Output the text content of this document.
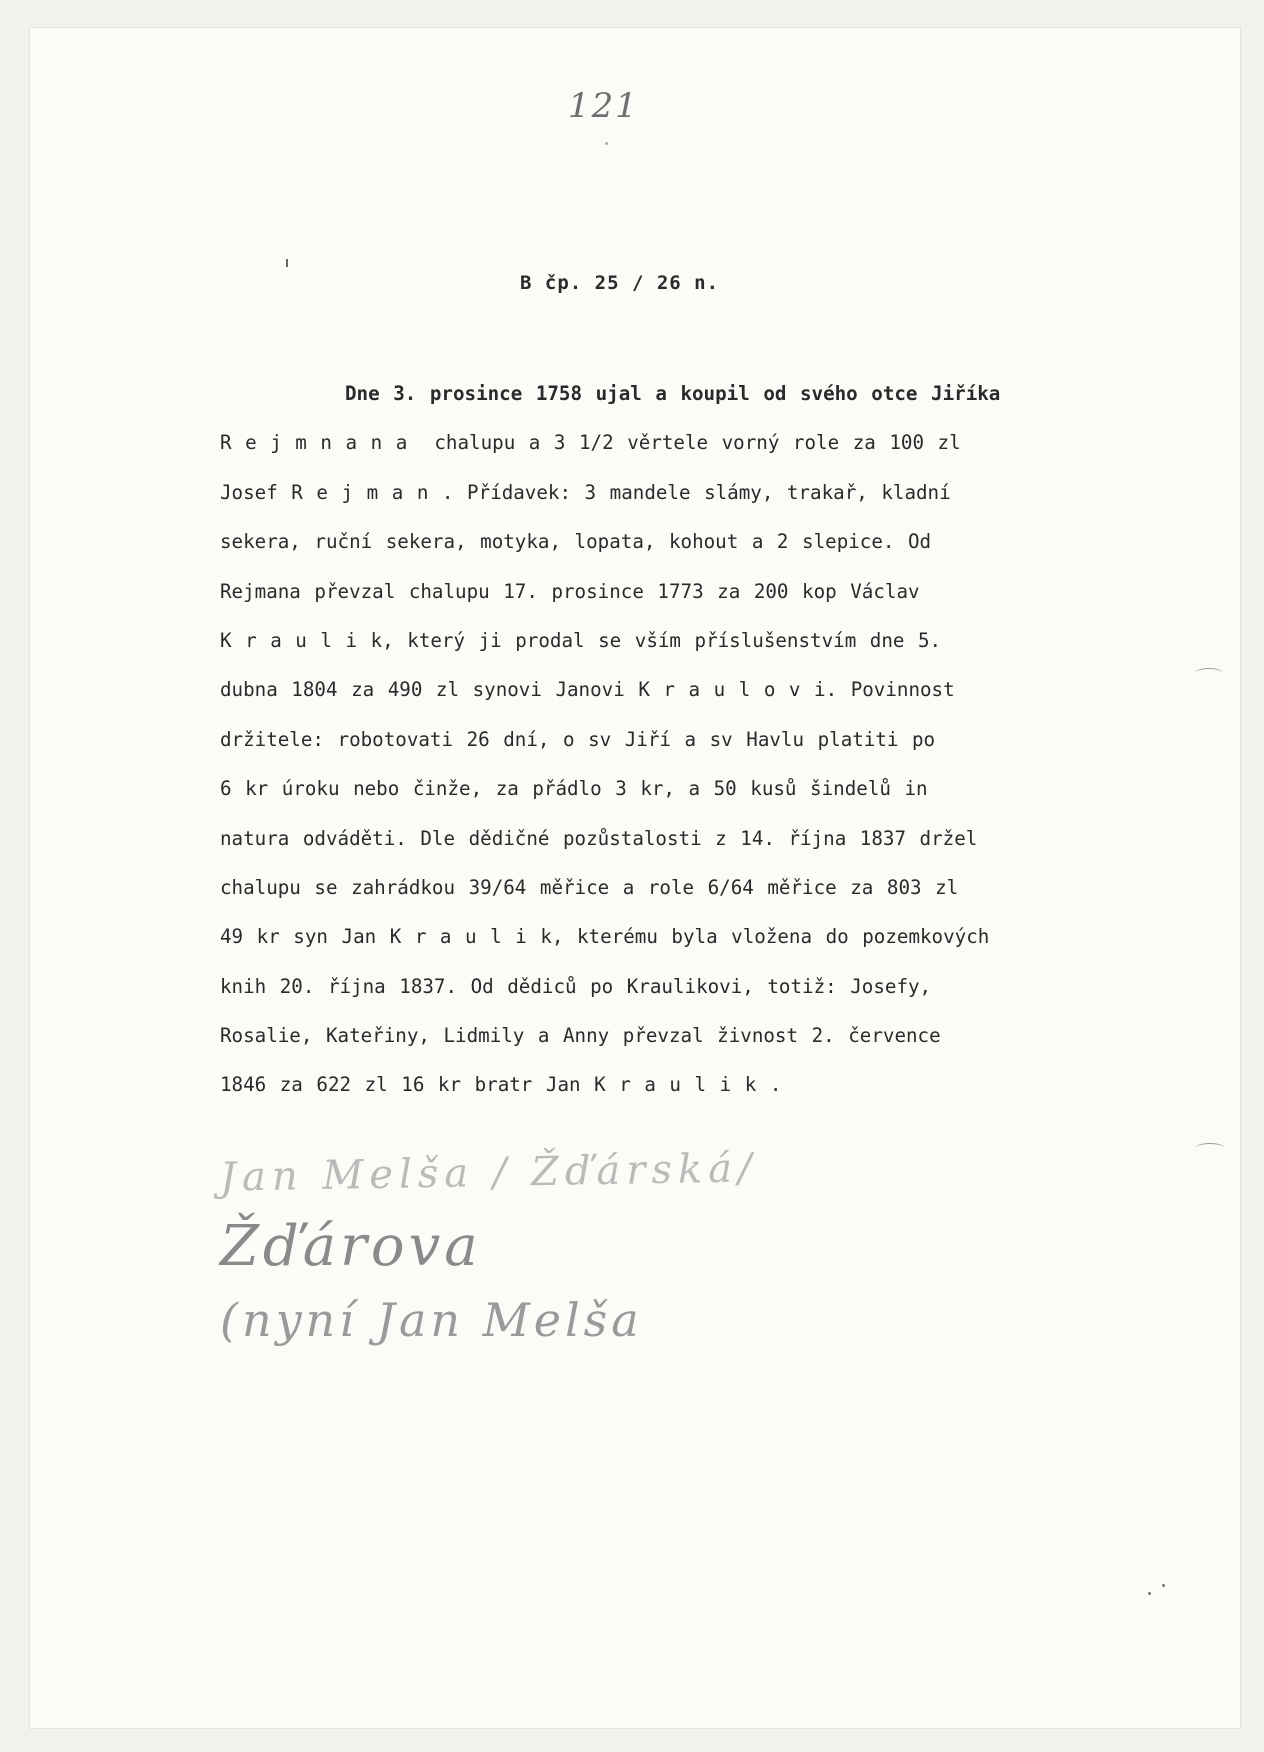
121
B čp. 25 / 26 n.
Dne 3. prosince 1758 ujal a koupil od svého otce Jiříka
R e j m n a n a  chalupu a 3 1/2 věrtele vorný role za 100 zl
Josef R e j m a n . Přídavek: 3 mandele slámy, trakař, kladní
sekera, ruční sekera, motyka, lopata, kohout a 2 slepice. Od
Rejmana převzal chalupu 17. prosince 1773 za 200 kop Václav
K r a u l i k, který ji prodal se vším příslušenstvím dne 5.
dubna 1804 za 490 zl synovi Janovi K r a u l o v i. Povinnost
držitele: robotovati 26 dní, o sv Jiří a sv Havlu platiti po
6 kr úroku nebo činže, za přádlo 3 kr, a 50 kusů šindelů in
natura odváděti. Dle dědičné pozůstalosti z 14. října 1837 držel
chalupu se zahrádkou 39/64 měřice a role 6/64 měřice za 803 zl
49 kr syn Jan K r a u l i k, kterému byla vložena do pozemkových
knih 20. října 1837. Od dědiců po Kraulikovi, totiž: Josefy,
Rosalie, Kateřiny, Lidmily a Anny převzal živnost 2. července
1846 za 622 zl 16 kr bratr Jan K r a u l i k .
Jan Melša / Žďárská/
Žďárova
(nyní Jan Melša
